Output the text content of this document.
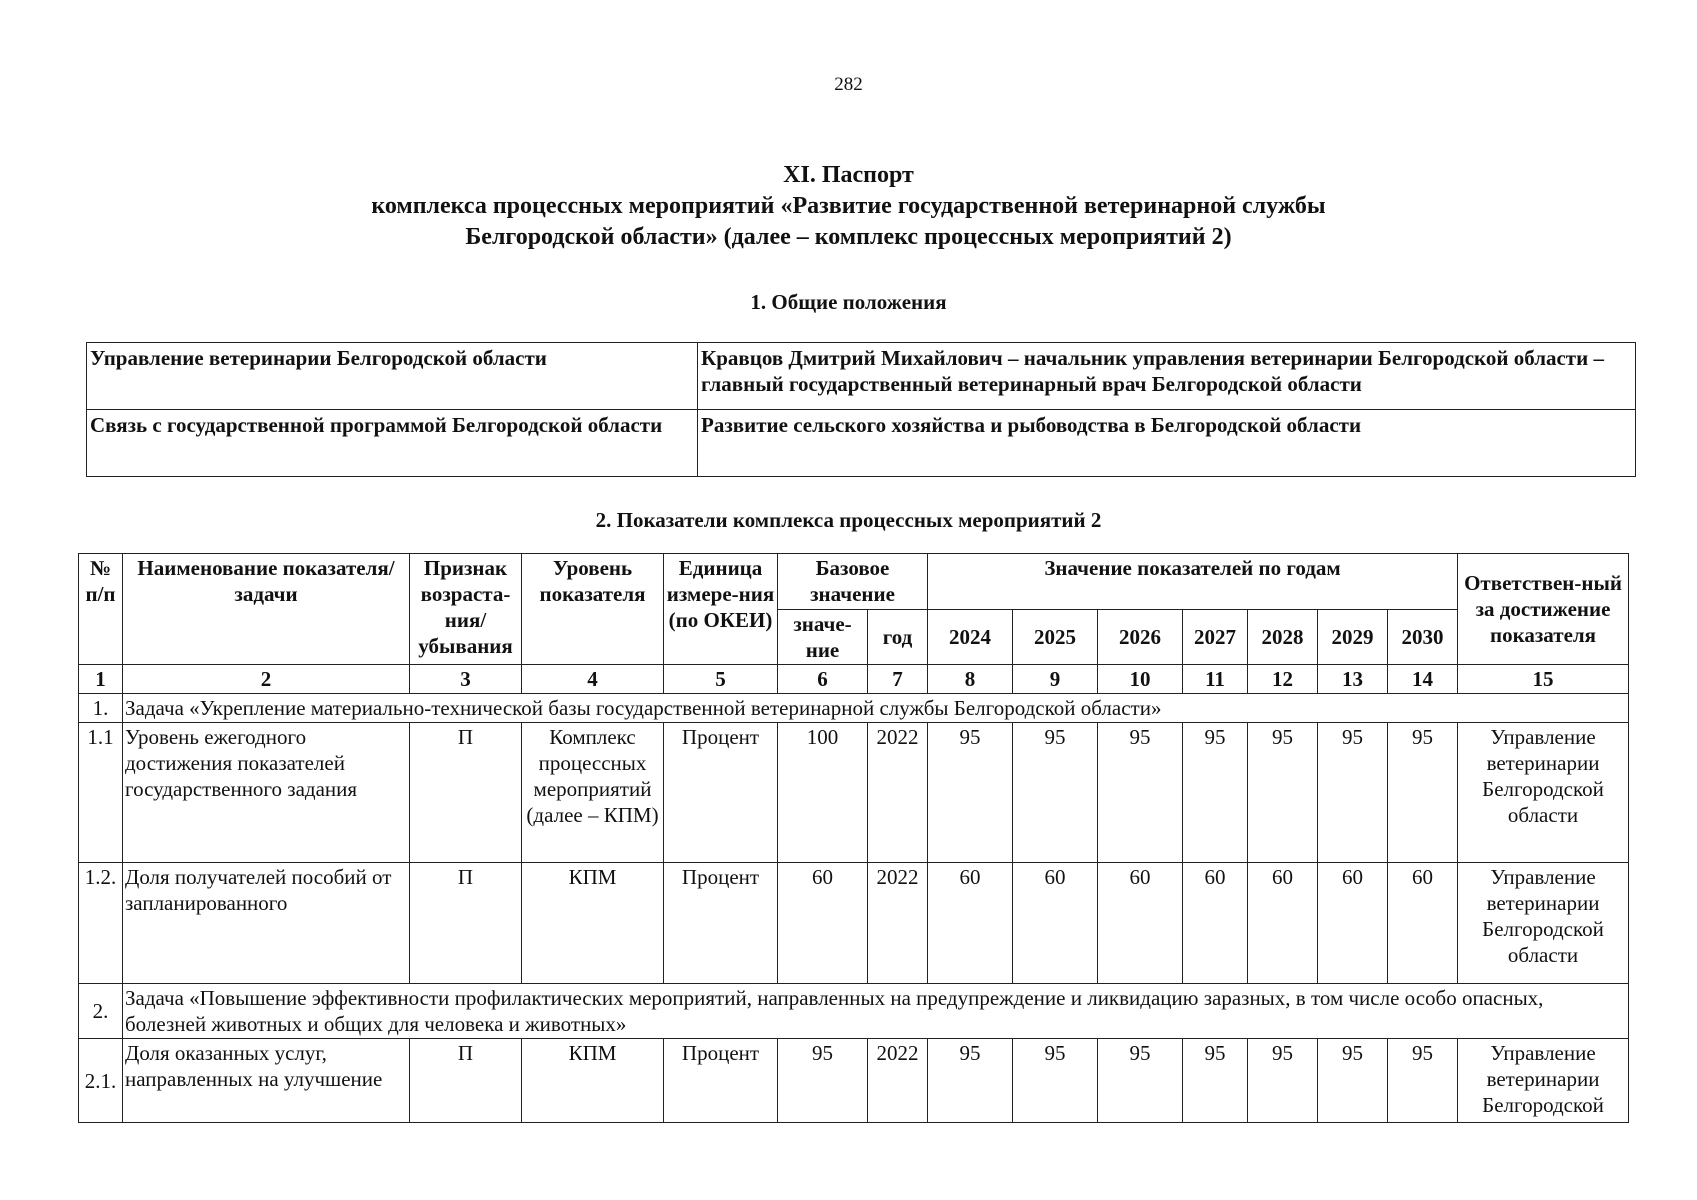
282
XI. Паспорт
комплекса процессных мероприятий «Развитие государственной ветеринарной службы
Белгородской области» (далее – комплекс процессных мероприятий 2)
1. Общие положения
Управление ветеринарии Белгородской области	Кравцов Дмитрий Михайлович – начальник управления ветеринарии Белгородской области – главный государственный ветеринарный врач Белгородской области
Связь с государственной программой Белгородской области	Развитие сельского хозяйства и рыбоводства в Белгородской области
2. Показатели комплекса процессных мероприятий 2
№ п/п	Наименование показателя/задачи	Признак возраста-ния/ убывания	Уровень показателя	Единица измере-ния (по ОКЕИ)	Базовое значение		Значение показателей по годам							Ответствен-ный за достижение показателя
					значе-ние	год	2024	2025	2026	2027	2028	2029	2030	
1	2	3	4	5	6	7	8	9	10	11	12	13	14	15
1.	Задача «Укрепление материально-технической базы государственной ветеринарной службы Белгородской области»													
1.1	Уровень ежегодного достижения показателей государственного задания	П	Комплекс процессных мероприятий (далее – КПМ)	Процент	100	2022	95	95	95	95	95	95	95	Управление ветеринарии Белгородской области
1.2.	Доля получателей пособий от запланированного	П	КПМ	Процент	60	2022	60	60	60	60	60	60	60	Управление ветеринарии Белгородской области
2.	Задача «Повышение эффективности профилактических мероприятий, направленных на предупреждение и ликвидацию заразных, в том числе особо опасных, болезней животных и общих для человека и животных»													
2.1.	Доля оказанных услуг, направленных на улучшение	П	КПМ	Процент	95	2022	95	95	95	95	95	95	95	Управление ветеринарии Белгородской
